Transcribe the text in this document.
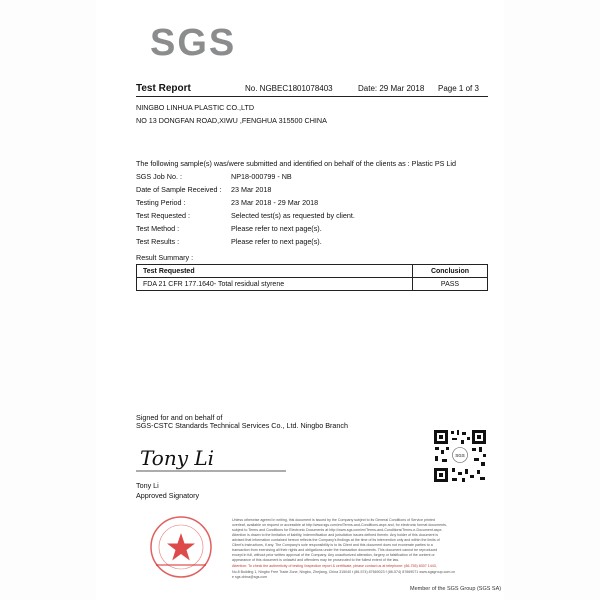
SGS
Test Report	No. NGBEC1801078403	Date: 29 Mar 2018 Page 1 of 3
NINGBO LINHUA PLASTIC CO.,LTD
NO 13 DONGFAN ROAD,XIWU ,FENGHUA 315500 CHINA
The following sample(s) was/were submitted and identified on behalf of the clients as : Plastic PS Lid
SGS Job No. :	NP18-000799 - NB
Date of Sample Received : 23 Mar 2018
Testing Period :	23 Mar 2018 - 29 Mar 2018
Test Requested :	Selected test(s) as requested by client.
Test Method :	Please refer to next page(s).
Test Results :	Please refer to next page(s).
Result Summary :
Test Requested	Conclusion
FDA 21 CFR 177.1640- Total residual styrene	PASS
Signed for and on behalf of
SGS-CSTC Standards Technical Services Co., Ltd. Ningbo Branch
Tony Li
Tony Li
Approved Signatory
SGS
Unless otherwise agreed in writing, this document is issued by the Company subject to its General Conditions of Service printed
overleaf, available on request or accessible at http://www.sgs.com/en/Terms-and-Conditions.aspx and, for electronic format documents,
subject to Terms and Conditions for Electronic Documents at http://www.sgs.com/en/Terms-and-Conditions/Terms-e-Document.aspx.
Attention is drawn to the limitation of liability, indemnification and jurisdiction issues defined therein. Any holder of this document is
advised that information contained hereon reflects the Company's findings at the time of its intervention only and within the limits of
Client's instructions, if any. The Company's sole responsibility is to its Client and this document does not exonerate parties to a
transaction from exercising all their rights and obligations under the transaction documents. This document cannot be reproduced
except in full, without prior written approval of the Company. Any unauthorized alteration, forgery or falsification of the content or
appearance of this document is unlawful and offenders may be prosecuted to the fullest extent of the law.
Attention: To check the authenticity of testing /inspection report & certificate, please contact us at telephone: (86-755) 8307 1443,
No.8 Building 1, Ningbo Free Trade Zone, Ningbo, Zhejiang, China 315040 t (86-574) 87669023 f (86-574) 87669071 www.sgsgroup.com.cn
e sgs.china@sgs.com
Member of the SGS Group (SGS SA)
